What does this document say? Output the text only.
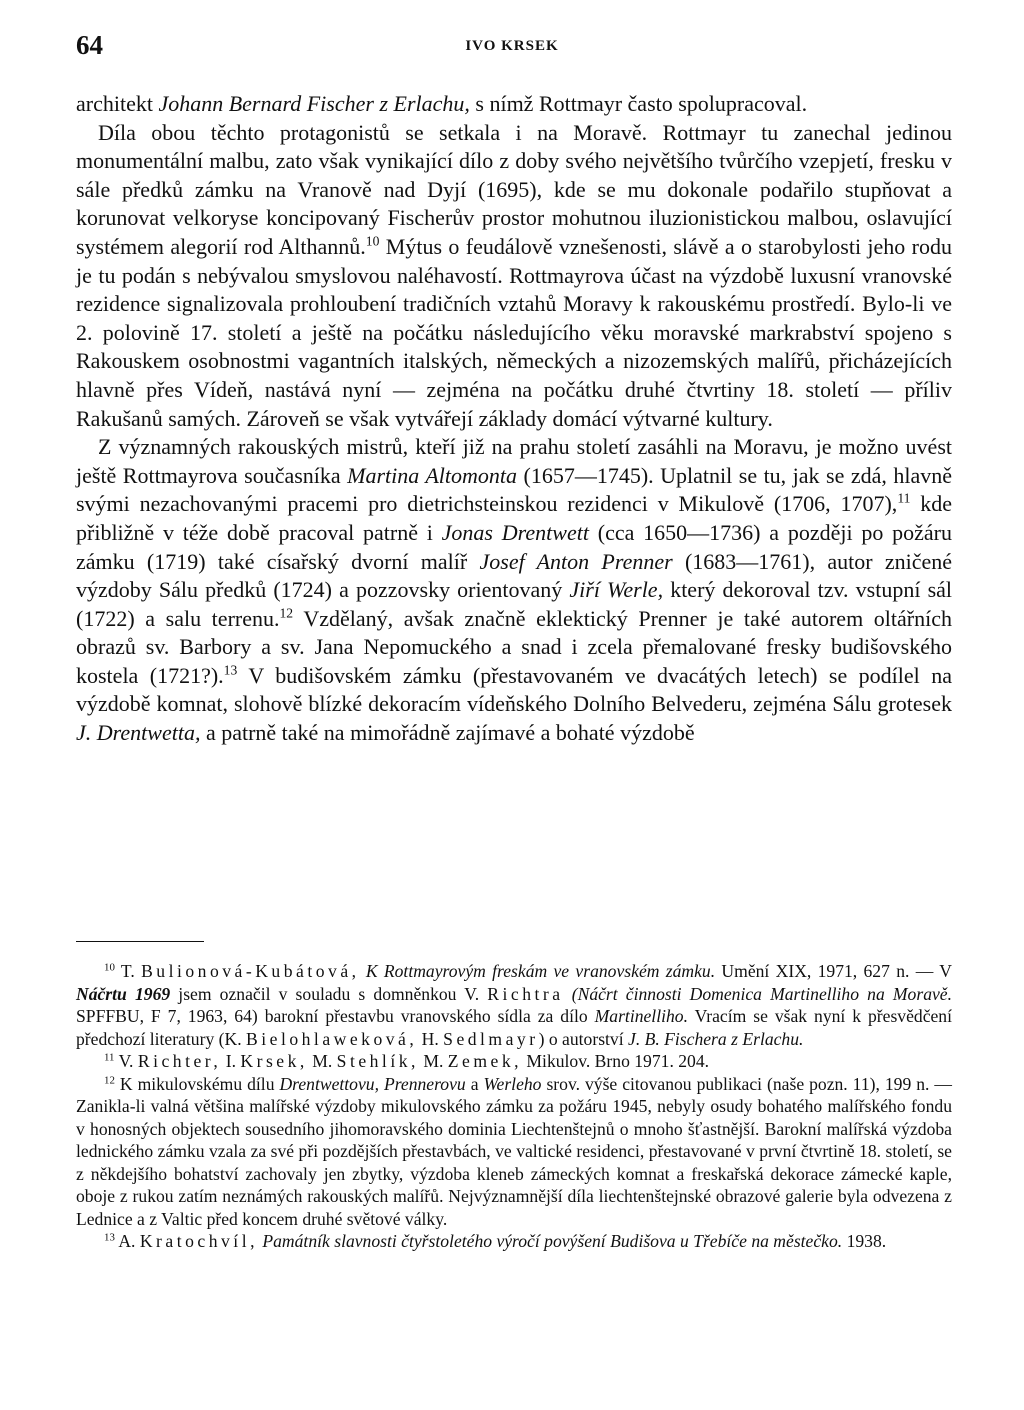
64	IVO KRSEK

architekt Johann Bernard Fischer z Erlachu, s nímž Rottmayr často spolupracoval.

Díla obou těchto protagonistů se setkala i na Moravě. Rottmayr tu zanechal jedinou monumentální malbu, zato však vynikající dílo z doby svého největšího tvůrčího vzepjetí, fresku v sále předků zámku na Vranově nad Dyjí (1695), kde se mu dokonale podařilo stupňovat a korunovat velkoryse koncipovaný Fischerův prostor mohutnou iluzionistickou malbou, oslavující systémem alegorií rod Althannů.$^{10}$ Mýtus o feudálově vznešenosti, slávě a o starobylosti jeho rodu je tu podán s nebývalou smyslovou naléhavostí. Rottmayrova účast na výzdobě luxusní vranovské rezidence signalizovala prohloubení tradičních vztahů Moravy k rakouskému prostředí. Bylo-li ve 2. polovině 17. století a ještě na počátku následujícího věku moravské markrabství spojeno s Rakouskem osobnostmi vagantních italských, německých a nizozemských malířů, přicházejících hlavně přes Vídeň, nastává nyní — zejména na počátku druhé čtvrtiny 18. století — příliv Rakušanů samých. Zároveň se však vytvářejí základy domácí výtvarné kultury.

Z významných rakouských mistrů, kteří již na prahu století zasáhli na Moravu, je možno uvést ještě Rottmayrova současníka Martina Altomonta (1657—1745). Uplatnil se tu, jak se zdá, hlavně svými nezachovanými pracemi pro dietrichsteinskou rezidenci v Mikulově (1706, 1707),$^{11}$ kde přibližně v téže době pracoval patrně i Jonas Drentwett (cca 1650—1736) a později po požáru zámku (1719) také císařský dvorní malíř Josef Anton Prenner (1683—1761), autor zničené výzdoby Sálu předků (1724) a pozzovsky orientovaný Jiří Werle, který dekoroval tzv. vstupní sál (1722) a salu terrenu.$^{12}$ Vzdělaný, avšak značně eklektický Prenner je také autorem oltářních obrazů sv. Barbory a sv. Jana Nepomuckého a snad i zcela přemalované fresky budišovského kostela (1721?).$^{13}$ V budišovském zámku (přestavovaném ve dvacátých letech) se podílel na výzdobě komnat, slohově blízké dekoracím vídeňského Dolního Belvederu, zejména Sálu grotesek J. Drentwetta, a patrně také na mimořádně zajímavé a bohaté výzdobě

$^{10}$ T. Bulionová-Kubátová, K Rottmayrovým freskám ve vranovském zámku. Umění XIX, 1971, 627 n. — V Náčrtu 1969 jsem označil v souladu s domněnkou V. Richtra (Náčrt činnosti Domenica Martinelliho na Moravě. SPFFBU, F 7, 1963, 64) barokní přestavbu vranovského sídla za dílo Martinelliho. Vracím se však nyní k přesvědčení předchozí literatury (K. Bielohlaweková, H. Sedlmayr) o autorství J. B. Fischera z Erlachu.

$^{11}$ V. Richter, I. Krsek, M. Stehlík, M. Zemek, Mikulov. Brno 1971. 204.

$^{12}$ K mikulovskému dílu Drentwettovu, Prennerovu a Werleho srov. výše citovanou publikaci (naše pozn. 11), 199 n. — Zanikla-li valná většina malířské výzdoby mikulovského zámku za požáru 1945, nebyly osudy bohatého malířského fondu v honosných objektech sousedního jihomoravského dominia Liechtenštejnů o mnoho šťastnější. Barokní malířská výzdoba lednického zámku vzala za své při pozdějších přestavbách, ve valtické residenci, přestavované v první čtvrtině 18. století, se z někdejšího bohatství zachovaly jen zbytky, výzdoba kleneb zámeckých komnat a freskařská dekorace zámecké kaple, oboje z rukou zatím neznámých rakouských malířů. Nejvýznamnější díla liechtenštejnské obrazové galerie byla odvezena z Lednice a z Valtic před koncem druhé světové války.

$^{13}$ A. Kratochvíl, Památník slavnosti čtyřstoletého výročí povýšení Budišova u Třebíče na městečko. 1938.
